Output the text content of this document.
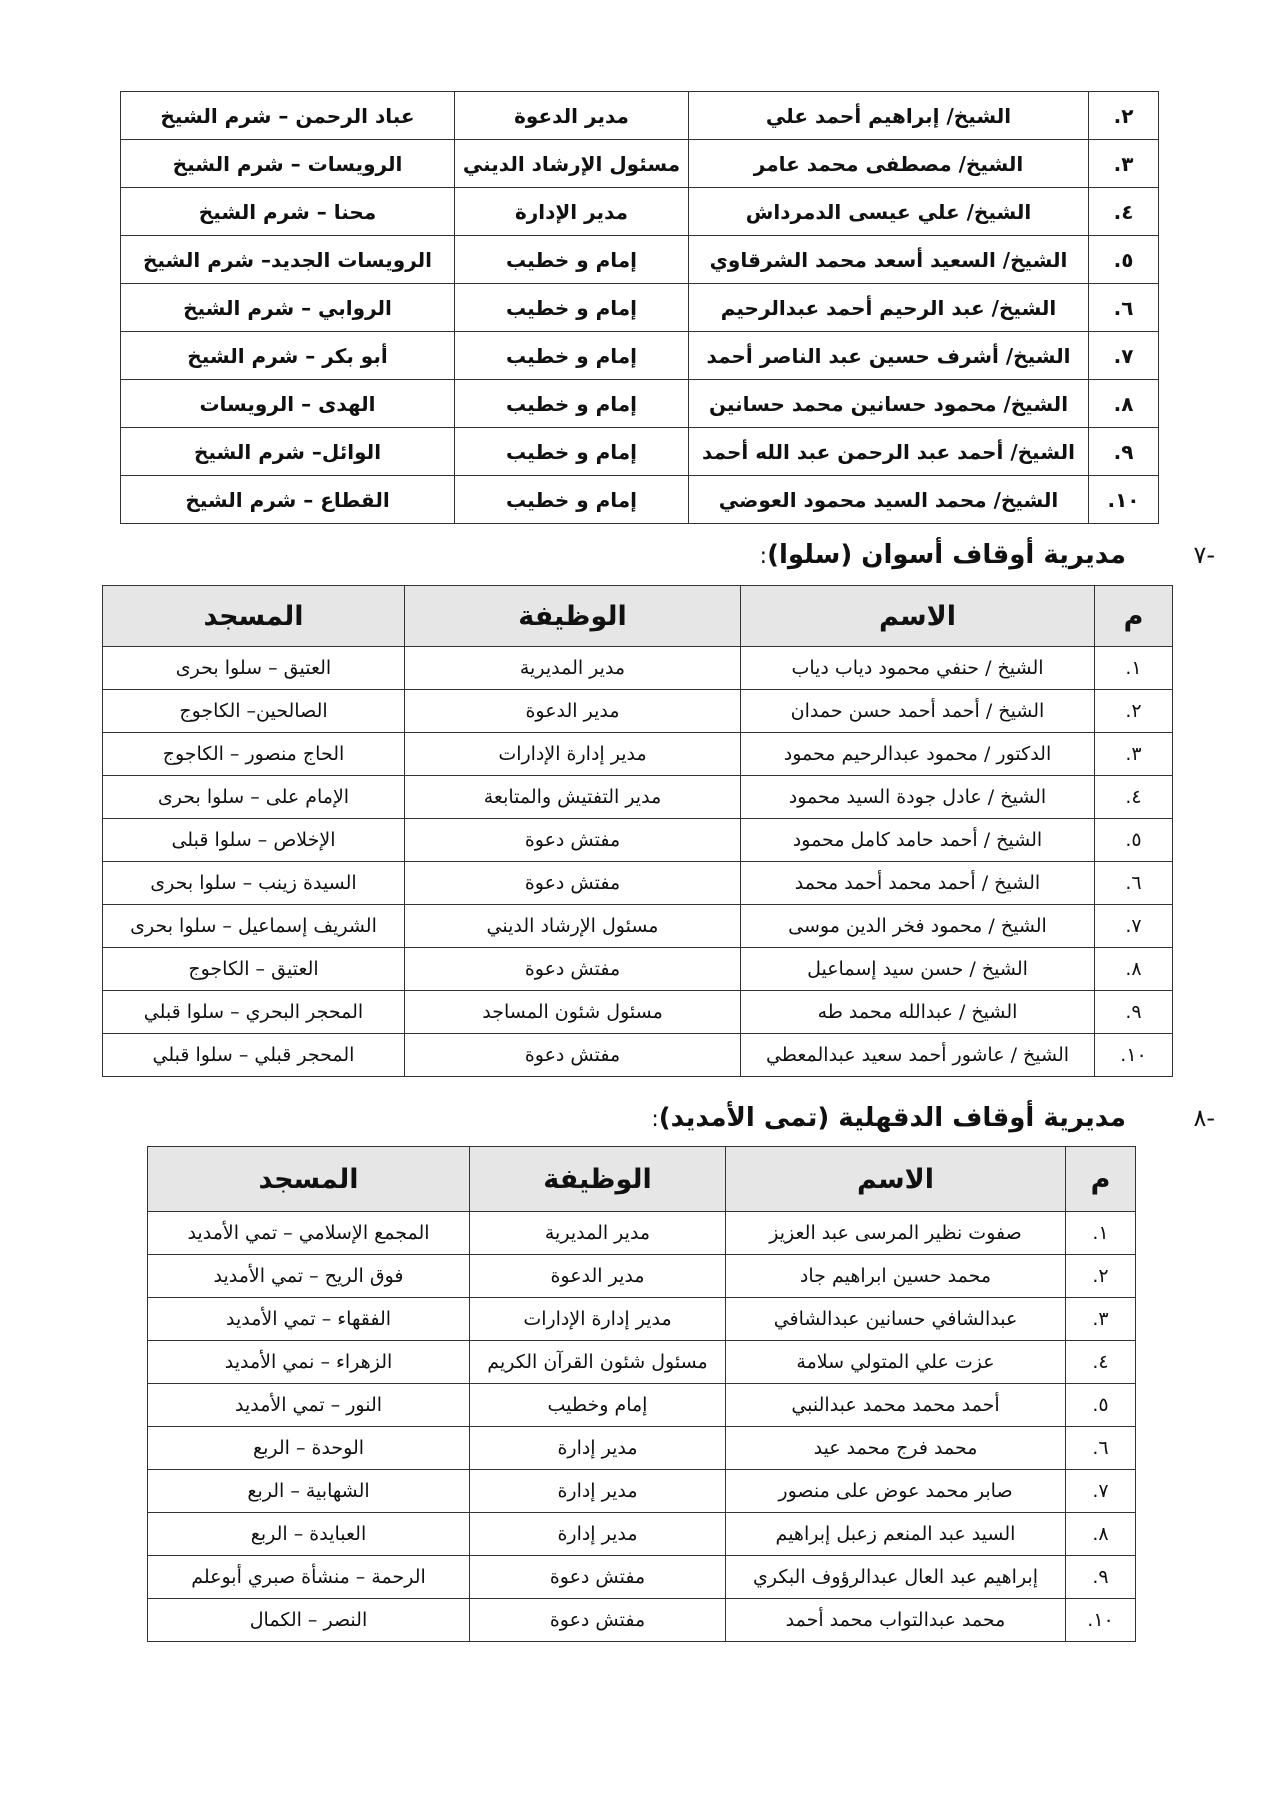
٢.	الشيخ/ إبراهيم أحمد علي	مدير الدعوة	عباد الرحمن – شرم الشيخ
٣.	الشيخ/ مصطفى محمد عامر	مسئول الإرشاد الديني	الرويسات – شرم الشيخ
٤.	الشيخ/ علي عيسى الدمرداش	مدير الإدارة	محنا – شرم الشيخ
٥.	الشيخ/ السعيد أسعد محمد الشرقاوي	إمام و خطيب	الرويسات الجديد– شرم الشيخ
٦.	الشيخ/ عبد الرحيم أحمد عبدالرحيم	إمام و خطيب	الروابي – شرم الشيخ
٧.	الشيخ/ أشرف حسين عبد الناصر أحمد	إمام و خطيب	أبو بكر – شرم الشيخ
٨.	الشيخ/ محمود حسانين محمد حسانين	إمام و خطيب	الهدى – الرويسات
٩.	الشيخ/ أحمد عبد الرحمن عبد الله أحمد	إمام و خطيب	الوائل– شرم الشيخ
١٠.	الشيخ/ محمد السيد محمود العوضي	إمام و خطيب	القطاع – شرم الشيخ
-٧ مديرية أوقاف أسوان (سلوا):
م	الاسم	الوظيفة	المسجد
١.	الشيخ / حنفي محمود دياب دياب	مدير المديرية	العتيق – سلوا بحرى
٢.	الشيخ / أحمد أحمد حسن حمدان	مدير الدعوة	الصالحين– الكاجوج
٣.	الدكتور / محمود عبدالرحيم محمود	مدير إدارة الإدارات	الحاج منصور – الكاجوج
٤.	الشيخ / عادل جودة السيد محمود	مدير التفتيش والمتابعة	الإمام على – سلوا بحرى
٥.	الشيخ / أحمد حامد كامل محمود	مفتش دعوة	الإخلاص – سلوا قبلى
٦.	الشيخ / أحمد محمد أحمد محمد	مفتش دعوة	السيدة زينب – سلوا بحرى
٧.	الشيخ / محمود فخر الدين موسى	مسئول الإرشاد الديني	الشريف إسماعيل – سلوا بحرى
٨.	الشيخ / حسن سيد إسماعيل	مفتش دعوة	العتيق – الكاجوج
٩.	الشيخ / عبدالله محمد طه	مسئول شئون المساجد	المحجر البحري – سلوا قبلي
١٠.	الشيخ / عاشور أحمد سعيد عبدالمعطي	مفتش دعوة	المحجر قبلي – سلوا قبلي
-٨ مديرية أوقاف الدقهلية (تمى الأمديد):
م	الاسم	الوظيفة	المسجد
١.	صفوت نظير المرسى عبد العزيز	مدير المديرية	المجمع الإسلامي – تمي الأمديد
٢.	محمد حسين ابراهيم جاد	مدير الدعوة	فوق الريح – تمي الأمديد
٣.	عبدالشافي حسانين عبدالشافي	مدير إدارة الإدارات	الفقهاء – تمي الأمديد
٤.	عزت علي المتولي سلامة	مسئول شئون القرآن الكريم	الزهراء – نمي الأمديد
٥.	أحمد محمد محمد عبدالنبي	إمام وخطيب	النور – تمي الأمديد
٦.	محمد فرج محمد عيد	مدير إدارة	الوحدة – الربع
٧.	صابر محمد عوض على منصور	مدير إدارة	الشهابية – الربع
٨.	السيد عبد المنعم زعبل إبراهيم	مدير إدارة	العبايدة – الربع
٩.	إبراهيم عبد العال عبدالرؤوف البكري	مفتش دعوة	الرحمة – منشأة صبري أبوعلم
١٠.	محمد عبدالتواب محمد أحمد	مفتش دعوة	النصر – الكمال
